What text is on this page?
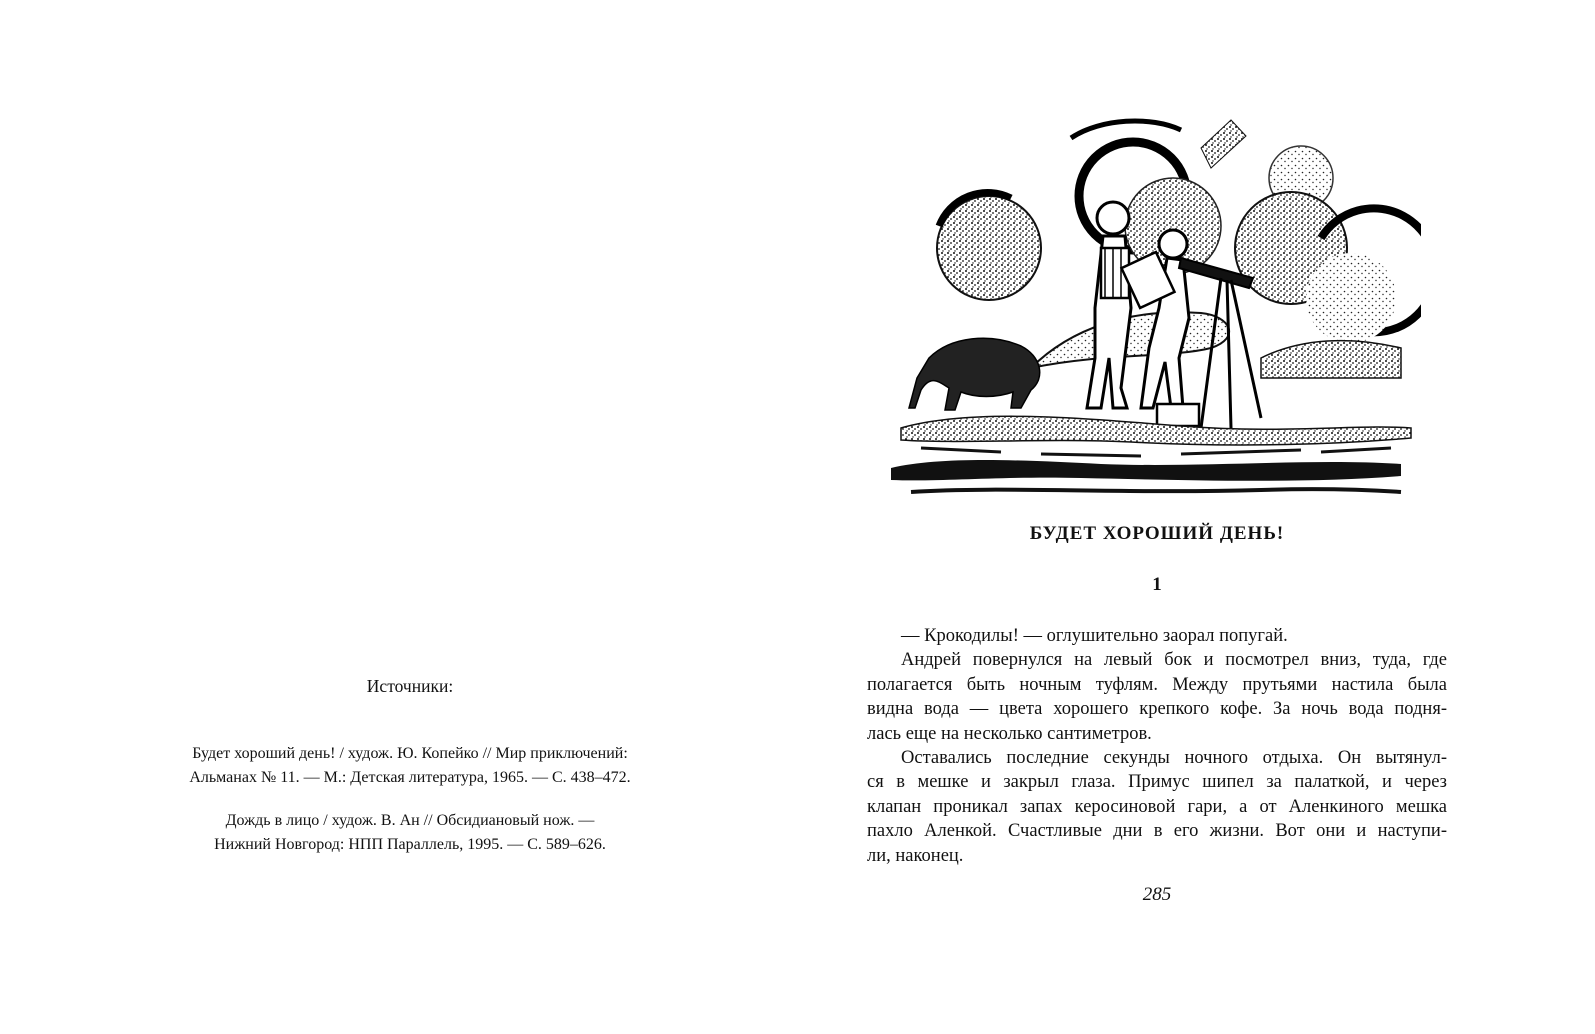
Источники:
Будет хороший день! / худож. Ю. Копейко // Мир приключений:
Альманах № 11. — М.: Детская литература, 1965. — С. 438–472.
Дождь в лицо / худож. В. Ан // Обсидиановый нож. —
Нижний Новгород: НПП Параллель, 1995. — С. 589–626.
БУДЕТ ХОРОШИЙ ДЕНЬ!
1
— Крокодилы! — оглушительно заорал попугай.
Андрей повернулся на левый бок и посмотрел вниз, туда, где
полагается быть ночным туфлям. Между прутьями настила была
видна вода — цвета хорошего крепкого кофе. За ночь вода подня-
лась еще на несколько сантиметров.
Оставались последние секунды ночного отдыха. Он вытянул-
ся в мешке и закрыл глаза. Примус шипел за палаткой, и через
клапан проникал запах керосиновой гари, а от Аленкиного мешка
пахло Аленкой. Счастливые дни в его жизни. Вот они и наступи-
ли, наконец.
285
